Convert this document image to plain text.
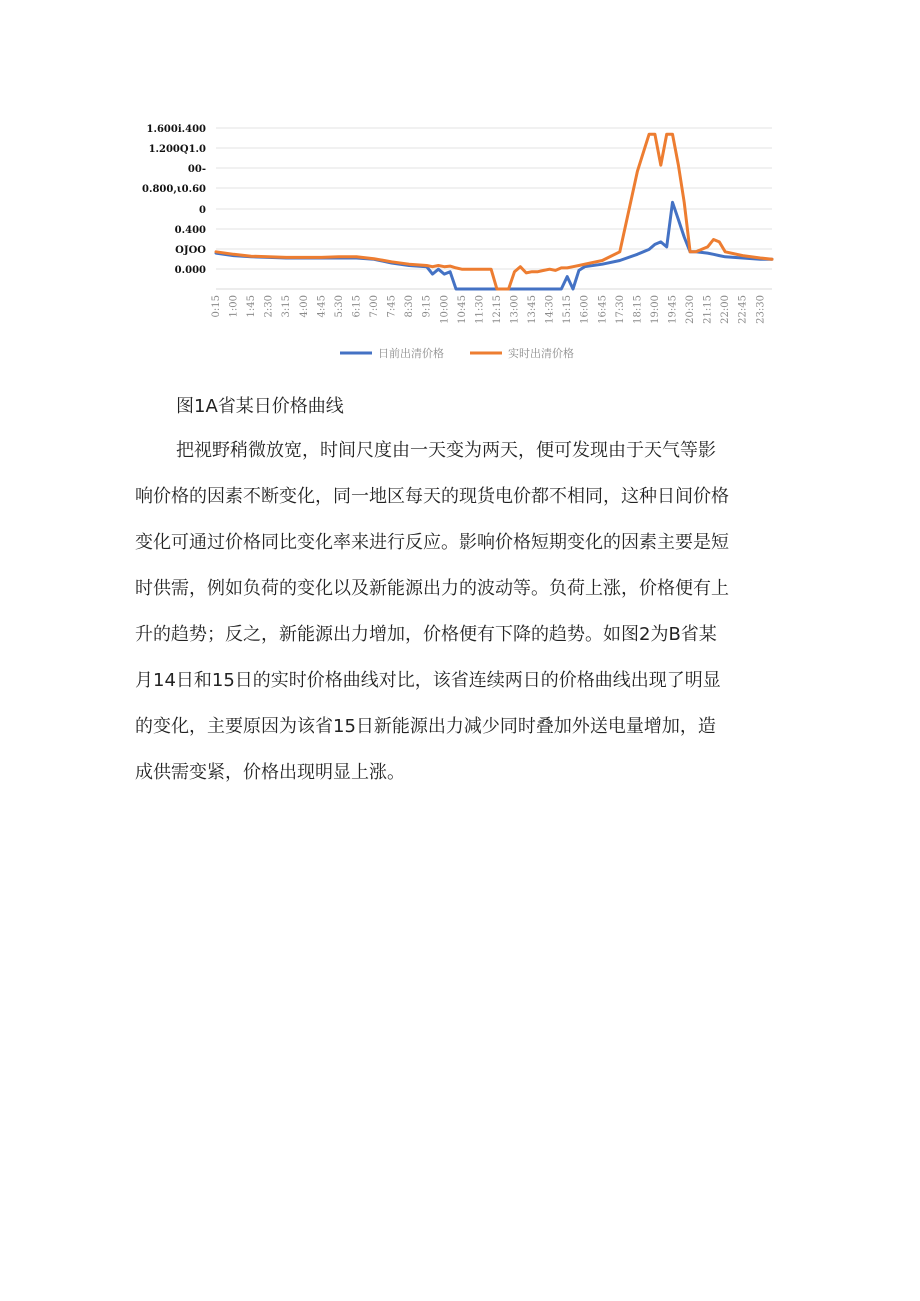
1.600i.400
1.200Q1.0
00-
0.800,ι0.60
0
0.400
OJOO
0.000
0:15 1:00 1:45 2:30 3:15 4:00 4:45 5:30 6:15 7:00 7:45 8:30 9:15 10:00 10:45 11:30 12:15 13:00 13:45 14:30 15:15 16:00 16:45 17:30 18:15 19:00 19:45 20:30 21:15 22:00 22:45 23:30
日前出清价格	实时出清价格
图1A省某日价格曲线

把视野稍微放宽，时间尺度由一天变为两天，便可发现由于天气等影
响价格的因素不断变化，同一地区每天的现货电价都不相同，这种日间价格
变化可通过价格同比变化率来进行反应。影响价格短期变化的因素主要是短
时供需，例如负荷的变化以及新能源出力的波动等。负荷上涨，价格便有上
升的趋势；反之，新能源出力增加，价格便有下降的趋势。如图2为B省某
月14日和15日的实时价格曲线对比，该省连续两日的价格曲线出现了明显
的变化，主要原因为该省15日新能源出力减少同时叠加外送电量增加，造
成供需变紧，价格出现明显上涨。
